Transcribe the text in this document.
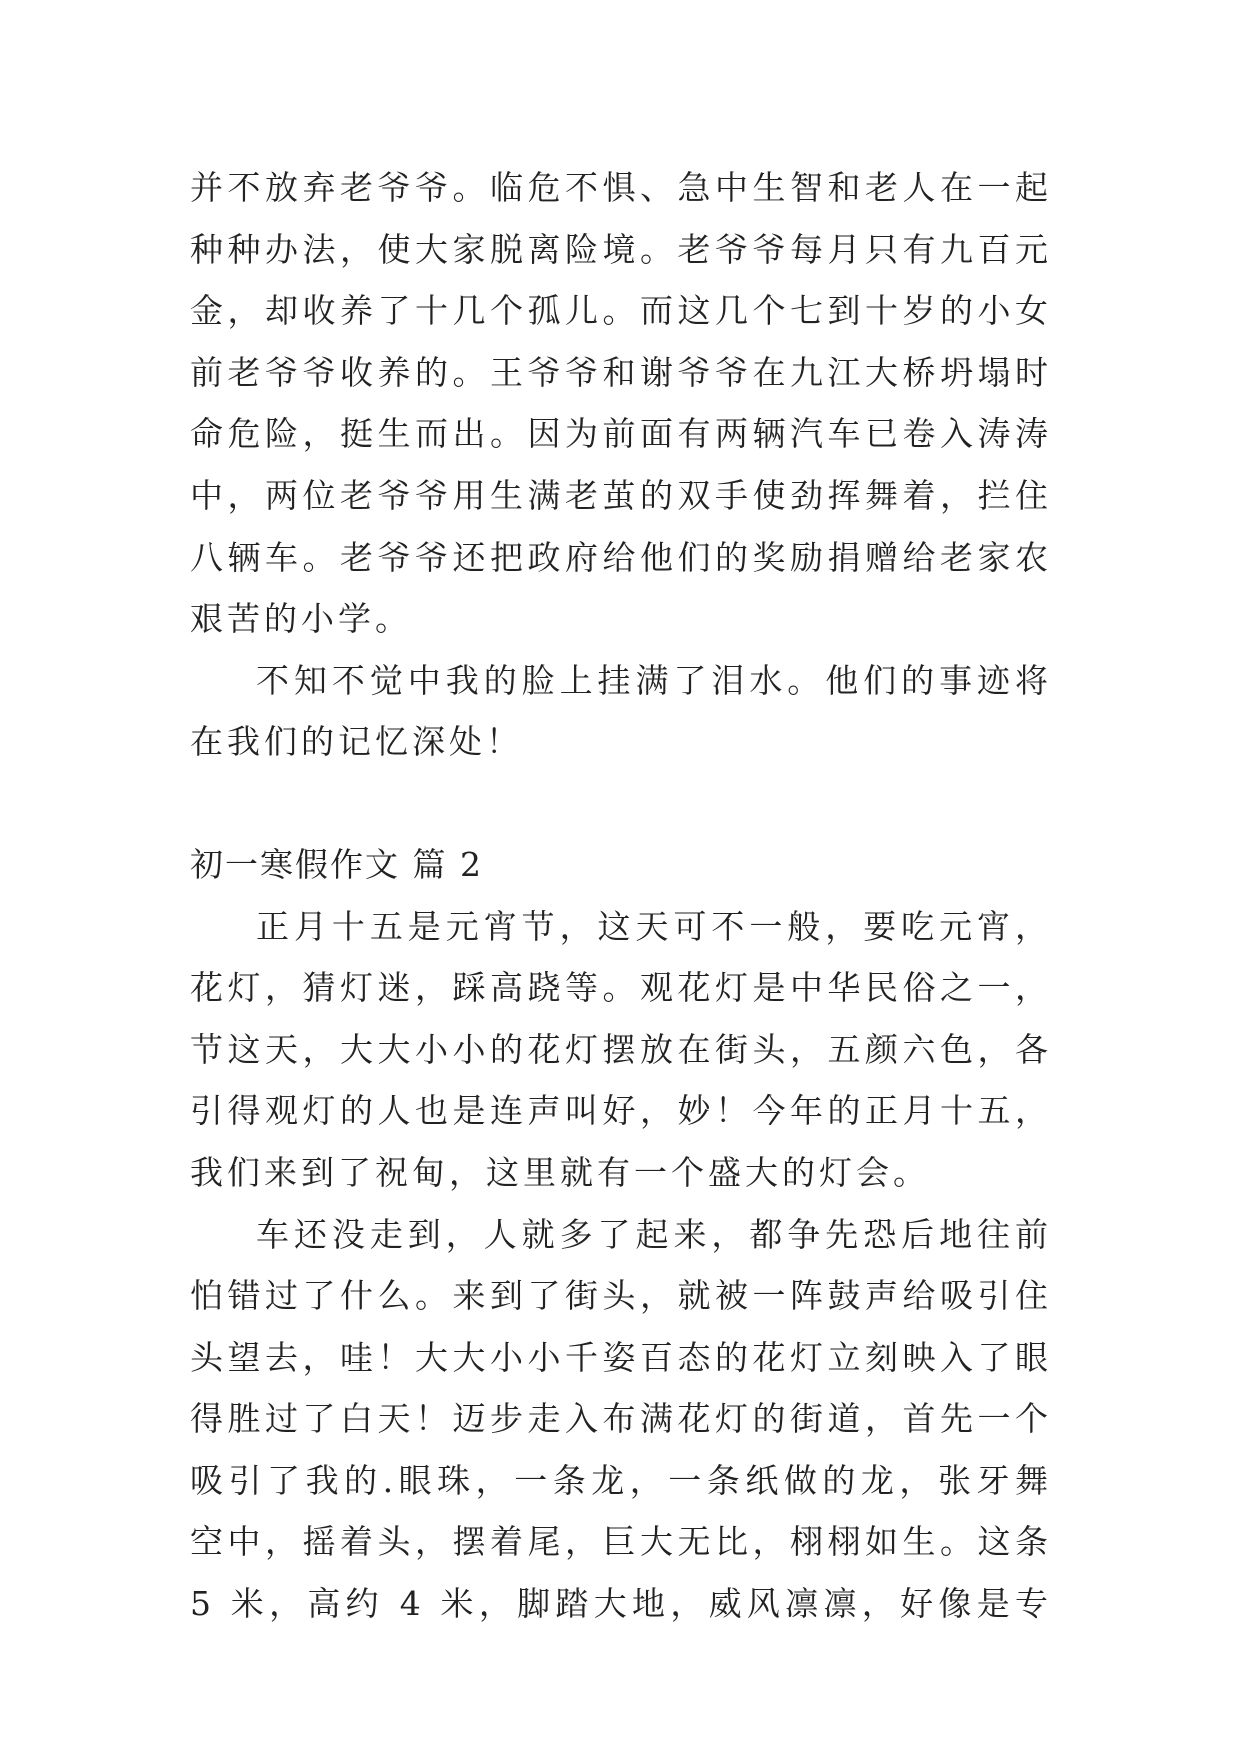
并不放弃老爷爷。临危不惧、急中生智和老人在一起
种种办法，使大家脱离险境。老爷爷每月只有九百元
金，却收养了十几个孤儿。而这几个七到十岁的小女
前老爷爷收养的。王爷爷和谢爷爷在九江大桥坍塌时
命危险，挺生而出。因为前面有两辆汽车已卷入涛涛
中，两位老爷爷用生满老茧的双手使劲挥舞着，拦住
八辆车。老爷爷还把政府给他们的奖励捐赠给老家农
艰苦的小学。
不知不觉中我的脸上挂满了泪水。他们的事迹将
在我们的记忆深处！
初一寒假作文 篇 2
正月十五是元宵节，这天可不一般，要吃元宵，
花灯，猜灯迷，踩高跷等。观花灯是中华民俗之一，
节这天，大大小小的花灯摆放在街头，五颜六色，各
引得观灯的人也是连声叫好，妙！今年的正月十五，
我们来到了祝甸，这里就有一个盛大的灯会。
车还没走到，人就多了起来，都争先恐后地往前
怕错过了什么。来到了街头，就被一阵鼓声给吸引住
头望去，哇！大大小小千姿百态的花灯立刻映入了眼
得胜过了白天！迈步走入布满花灯的街道，首先一个
吸引了我的.眼珠，一条龙，一条纸做的龙，张牙舞
空中，摇着头，摆着尾，巨大无比，栩栩如生。这条
5 米，高约 4 米，脚踏大地，威风凛凛，好像是专
